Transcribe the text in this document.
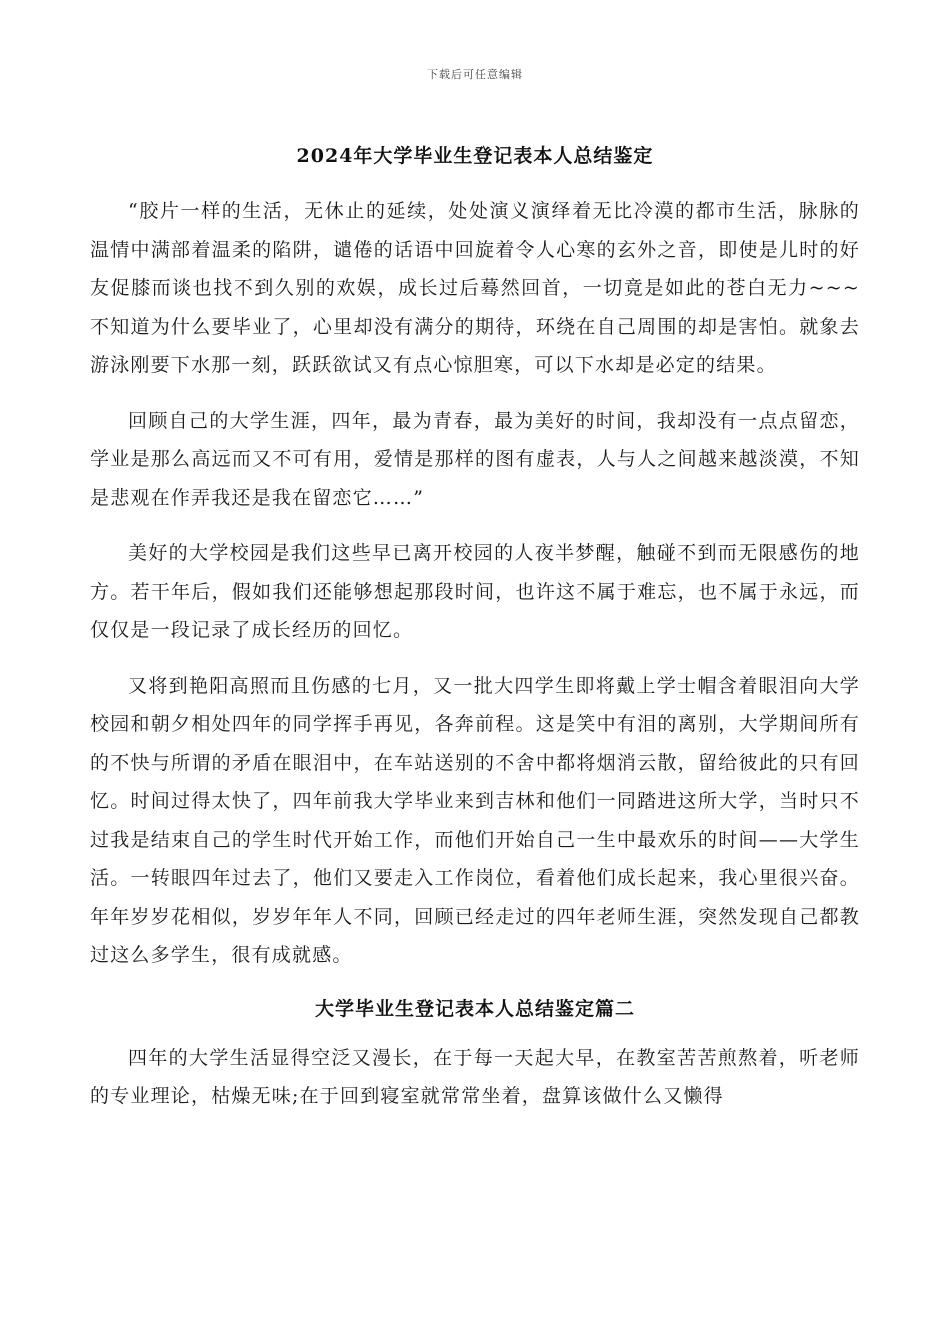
下载后可任意编辑
2024年大学毕业生登记表本人总结鉴定

“胶片一样的生活，无休止的延续，处处演义演绎着无比冷漠的都市生活，脉脉的温情中满部着温柔的陷阱，谴倦的话语中回旋着令人心寒的玄外之音，即使是儿时的好友促膝而谈也找不到久别的欢娱，成长过后蓦然回首，一切竟是如此的苍白无力~~~不知道为什么要毕业了，心里却没有满分的期待，环绕在自己周围的却是害怕。就象去游泳刚要下水那一刻，跃跃欲试又有点心惊胆寒，可以下水却是必定的结果。

回顾自己的大学生涯，四年，最为青春，最为美好的时间，我却没有一点点留恋，学业是那么高远而又不可有用，爱情是那样的图有虚表，人与人之间越来越淡漠，不知是悲观在作弄我还是我在留恋它……”

美好的大学校园是我们这些早已离开校园的人夜半梦醒，触碰不到而无限感伤的地方。若干年后，假如我们还能够想起那段时间，也许这不属于难忘，也不属于永远，而仅仅是一段记录了成长经历的回忆。

又将到艳阳高照而且伤感的七月，又一批大四学生即将戴上学士帽含着眼泪向大学校园和朝夕相处四年的同学挥手再见，各奔前程。这是笑中有泪的离别，大学期间所有的不快与所谓的矛盾在眼泪中，在车站送别的不舍中都将烟消云散，留给彼此的只有回忆。时间过得太快了，四年前我大学毕业来到吉林和他们一同踏进这所大学，当时只不过我是结束自己的学生时代开始工作，而他们开始自己一生中最欢乐的时间——大学生活。一转眼四年过去了，他们又要走入工作岗位，看着他们成长起来，我心里很兴奋。年年岁岁花相似，岁岁年年人不同，回顾已经走过的四年老师生涯，突然发现自己都教过这么多学生，很有成就感。

大学毕业生登记表本人总结鉴定篇二

四年的大学生活显得空泛又漫长，在于每一天起大早，在教室苦苦煎熬着，听老师的专业理论，枯燥无味;在于回到寝室就常常坐着，盘算该做什么又懒得
